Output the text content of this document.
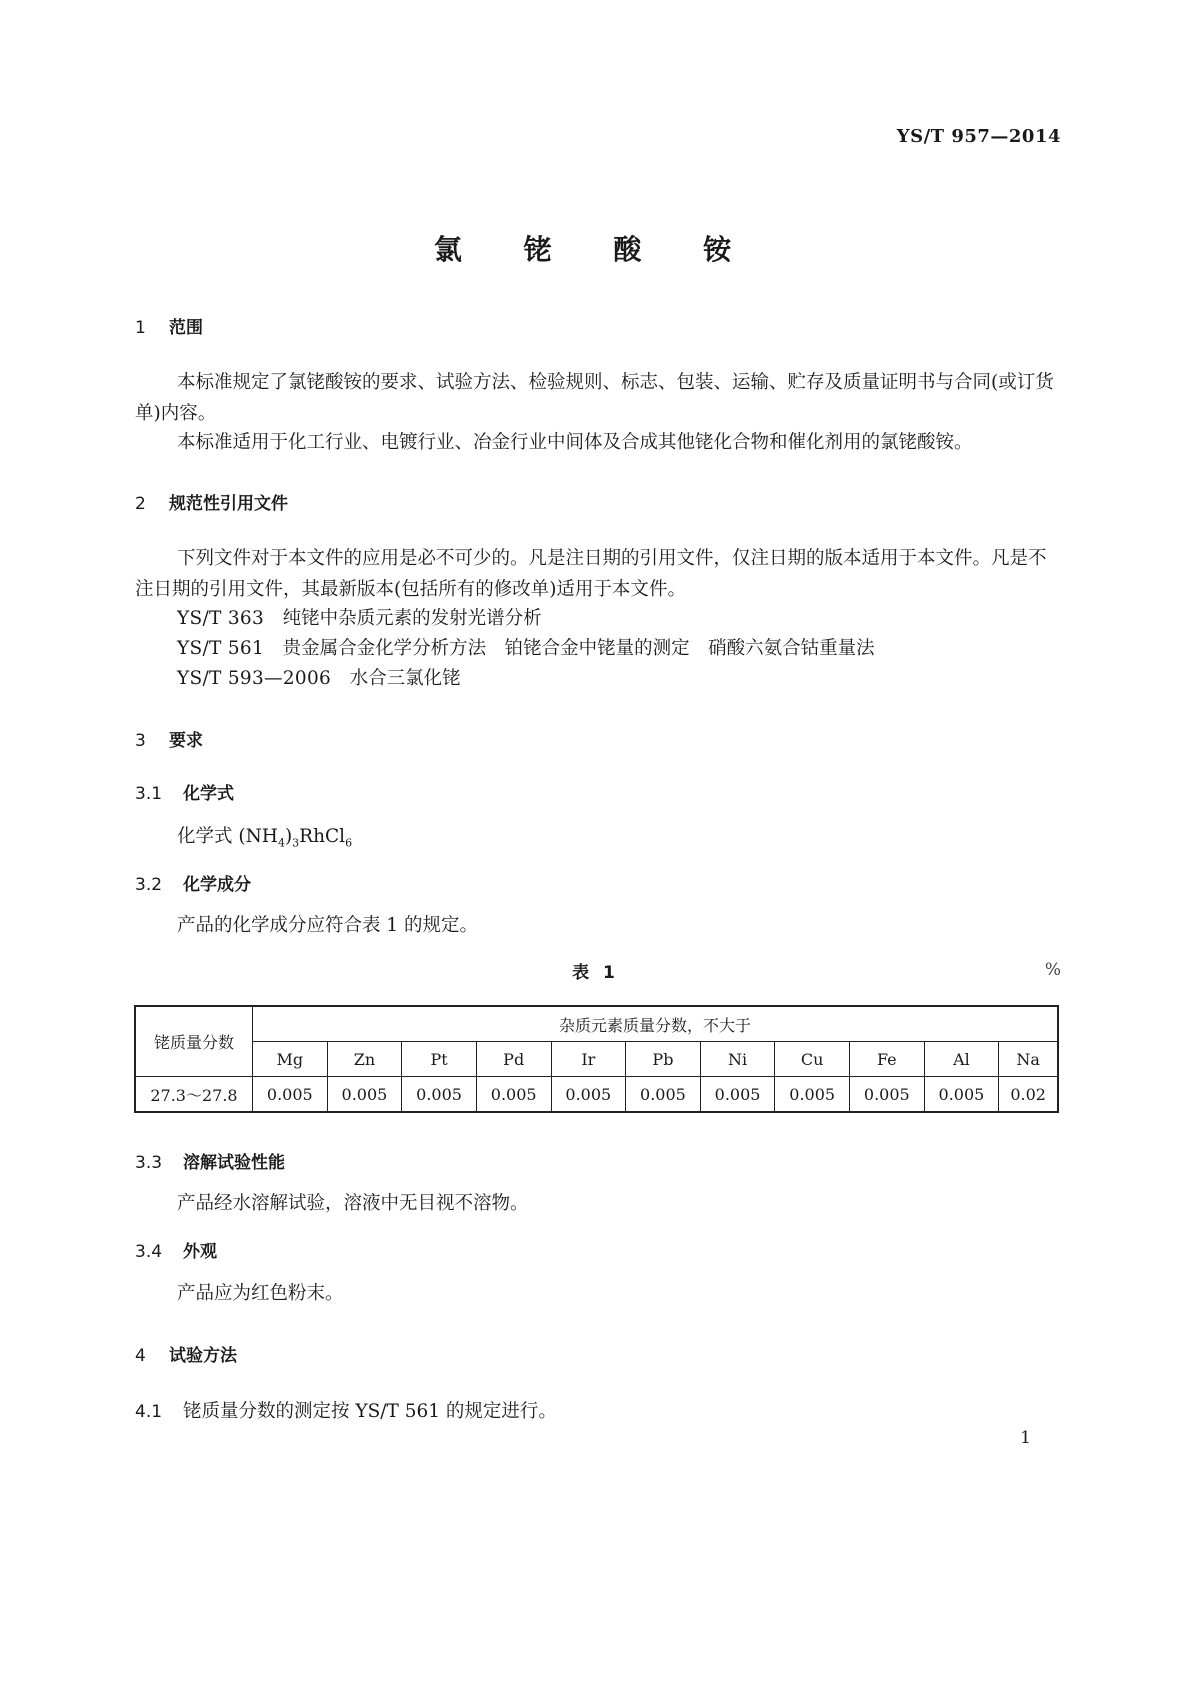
YS/T 957—2014
氯 铑 酸 铵
1 范围
本标准规定了氯铑酸铵的要求、试验方法、检验规则、标志、包装、运输、贮存及质量证明书与合同(或订货单)内容。
本标准适用于化工行业、电镀行业、冶金行业中间体及合成其他铑化合物和催化剂用的氯铑酸铵。
2 规范性引用文件
下列文件对于本文件的应用是必不可少的。凡是注日期的引用文件，仅注日期的版本适用于本文件。凡是不注日期的引用文件，其最新版本(包括所有的修改单)适用于本文件。
YS/T 363　 纯铑中杂质元素的发射光谱分析
YS/T 561　 贵金属合金化学分析方法　铂铑合金中铑量的测定　硝酸六氨合钴重量法
YS/T 593—2006　 水合三氯化铑
3 要求
3.1 化学式
化学式 $(NH_4)_3RhCl_6$
3.2 化学成分
产品的化学成分应符合表 1 的规定。
表 1	%
铑质量分数	杂质元素质量分数，不大于										
	Mg	Zn	Pt	Pd	Ir	Pb	Ni	Cu	Fe	Al	Na
27.3～27.8	0.005	0.005	0.005	0.005	0.005	0.005	0.005	0.005	0.005	0.005	0.02
3.3 溶解试验性能
产品经水溶解试验，溶液中无目视不溶物。
3.4 外观
产品应为红色粉末。
4 试验方法
4.1 铑质量分数的测定按 YS/T 561 的规定进行。
1
